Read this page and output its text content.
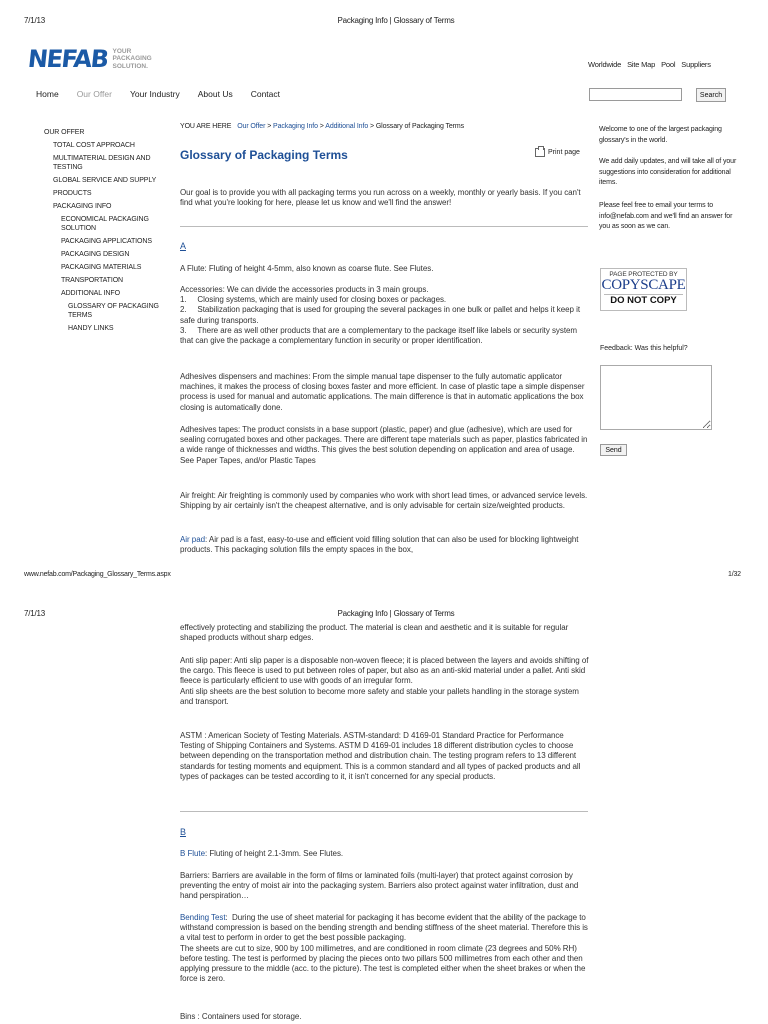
7/1/13	Packaging Info | Glossary of Terms
www.nefab.com/Packaging_Glossary_Terms.aspx	1/32
7/1/13	Packaging Info | Glossary of Terms
NEFAB YOUR
PACKAGING
SOLUTION.	Worldwide Site Map Pool Suppliers
Search
Home Our Offer Your Industry About Us Contact
OUR OFFER
TOTAL COST APPROACH
MULTIMATERIAL DESIGN AND TESTING
GLOBAL SERVICE AND SUPPLY
PRODUCTS
PACKAGING INFO
ECONOMICAL PACKAGING SOLUTION
PACKAGING APPLICATIONS
PACKAGING DESIGN
PACKAGING MATERIALS
TRANSPORTATION
ADDITIONAL INFO
GLOSSARY OF PACKAGING TERMS
HANDY LINKS
YOU ARE HERE Our Offer > Packaging Info > Additional Info > Glossary of Packaging Terms
Glossary of Packaging Terms	Print page

Our goal is to provide you with all packaging terms you run across on a weekly, monthly or yearly basis. If you can't find what you're looking for here, please let us know and we'll find the answer!

A

A Flute: Fluting of height 4-5mm, also known as coarse flute. See Flutes.

Accessories: We can divide the accessories products in 3 main groups.

1.     Closing systems, which are mainly used for closing boxes or packages.

2.     Stabilization packaging that is used for grouping the several packages in one bulk or pallet and helps it keep it safe during transports.

3.     There are as well other products that are a complementary to the package itself like labels or security system that can give the package a complementary function in security or proper identification.

Adhesives dispensers and machines: From the simple manual tape dispenser to the fully automatic applicator machines, it makes the process of closing boxes faster and more efficient. In case of plastic tape a simple dispenser process is used for manual and automatic applications. The main difference is that in automatic applications the box closing is automatically done.

Adhesives tapes: The product consists in a base support (plastic, paper) and glue (adhesive), which are used for sealing corrugated boxes and other packages. There are different tape materials such as paper, plastics fabricated in a wide range of thicknesses and widths. This gives the best solution depending on application and area of usage. See Paper Tapes, and/or Plastic Tapes

Air freight: Air freighting is commonly used by companies who work with short lead times, or advanced service levels.  Shipping by air certainly isn't the cheapest alternative, and is only advisable for certain size/weighted products.

Air pad: Air pad is a fast, easy-to-use and efficient void filling solution that can also be used for blocking lightweight products. This packaging solution fills the empty spaces in the box,

effectively protecting and stabilizing the product. The material is clean and aesthetic and it is suitable for regular shaped products without sharp edges.

Anti slip paper: Anti slip paper is a disposable non-woven fleece; it is placed between the layers and avoids shifting of the cargo. This fleece is used to put between roles of paper, but also as an anti-skid material under a pallet. Anti skid fleece is particularly efficient to use with goods of an irregular form.

Anti slip sheets are the best solution to become more safety and stable your pallets handling in the storage system and transport.

ASTM : American Society of Testing Materials. ASTM-standard: D 4169-01 Standard Practice for Performance Testing of Shipping Containers and Systems. ASTM D 4169-01 includes 18 different distribution cycles to choose between depending on the transportation method and distribution chain. The testing program refers to 13 different standards for testing moments and equipment. This is a common standard and all types of packed products and all types of packages can be tested according to it, it isn't concerned for any special products.

B

B Flute: Fluting of height 2.1-3mm. See Flutes.

Barriers: Barriers are available in the form of films or laminated foils (multi-layer) that protect against corrosion by preventing the entry of moist air into the packaging system. Barriers also protect against water infiltration, dust and hand perspiration…

Bending Test:  During the use of sheet material for packaging it has become evident that the ability of the package to withstand compression is based on the bending strength and bending stiffness of the sheet material. Therefore this is a vital test to perform in order to get the best possible packaging.

The sheets are cut to size, 900 by 100 millimetres, and are conditioned in room climate (23 degrees and 50% RH) before testing. The test is performed by placing the pieces onto two pillars 500 millimetres from each other and then applying pressure to the middle (acc. to the picture). The test is completed either when the sheet brakes or when the force is zero.

Bins : Containers used for storage.

Welcome to one of the largest packaging glossary's in the world.
We add daily updates, and will take all of your suggestions into consideration for additional items.
Please feel free to email your terms to info@nefab.com and we'll find an answer for you as soon as we can.
PAGE PROTECTED BY
COPYSCAPE
DO NOT COPY
Feedback: Was this helpful?
Send
